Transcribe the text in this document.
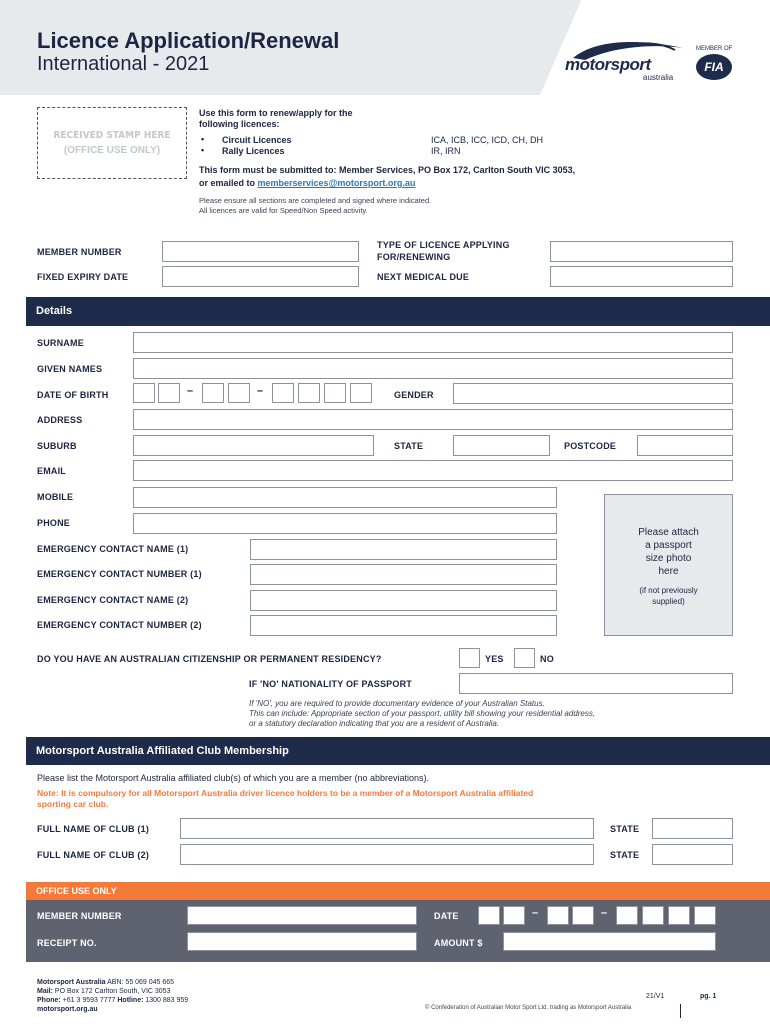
Licence Application/Renewal
International - 2021	motorsport
australia
MEMBER OF
FIA
RECEIVED STAMP HERE
(OFFICE USE ONLY)
Use this form to renew/apply for the
following licences:
• Circuit Licences	ICA, ICB, ICC, ICD, CH, DH
• Rally Licences	IR, IRN
This form must be submitted to: Member Services, PO Box 172, Carlton South VIC 3053,
or emailed to memberservices@motorsport.org.au
Please ensure all sections are completed and signed where indicated.
All licences are valid for Speed/Non Speed activity.
MEMBER NUMBER
TYPE OF LICENCE APPLYING
FOR/RENEWING
FIXED EXPIRY DATE	NEXT MEDICAL DUE
Details
SURNAME
GIVEN NAMES
DATE OF BIRTH	–	–	GENDER
ADDRESS
SUBURB	STATE	POSTCODE
EMAIL
MOBILE
PHONE
EMERGENCY CONTACT NAME (1)
EMERGENCY CONTACT NUMBER (1)
EMERGENCY CONTACT NAME (2)
EMERGENCY CONTACT NUMBER (2)
Please attach
a passport
size photo
here
(if not previously
supplied)
DO YOU HAVE AN AUSTRALIAN CITIZENSHIP OR PERMANENT RESIDENCY?	YES	NO
IF 'NO' NATIONALITY OF PASSPORT
If 'NO', you are required to provide documentary evidence of your Australian Status.
This can include: Appropriate section of your passport, utility bill showing your residential address,
or a statutory declaration indicating that you are a resident of Australia.
Motorsport Australia Affiliated Club Membership
Please list the Motorsport Australia affiliated club(s) of which you are a member (no abbreviations).
Note: It is compulsory for all Motorsport Australia driver licence holders to be a member of a Motorsport Australia affiliated
sporting car club.
FULL NAME OF CLUB (1)	STATE
FULL NAME OF CLUB (2)	STATE
OFFICE USE ONLY
MEMBER NUMBER	DATE	–	–
RECEIPT NO.	AMOUNT $
Motorsport Australia ABN: 55 069 045 665
Mail: PO Box 172 Carlton South, VIC 3053
Phone: +61 3 9593 7777 Hotline: 1300 883 959
motorsport.org.au
21/V1	pg. 1
© Confederation of Australian Motor Sport Ltd. trading as Motorsport Australia
